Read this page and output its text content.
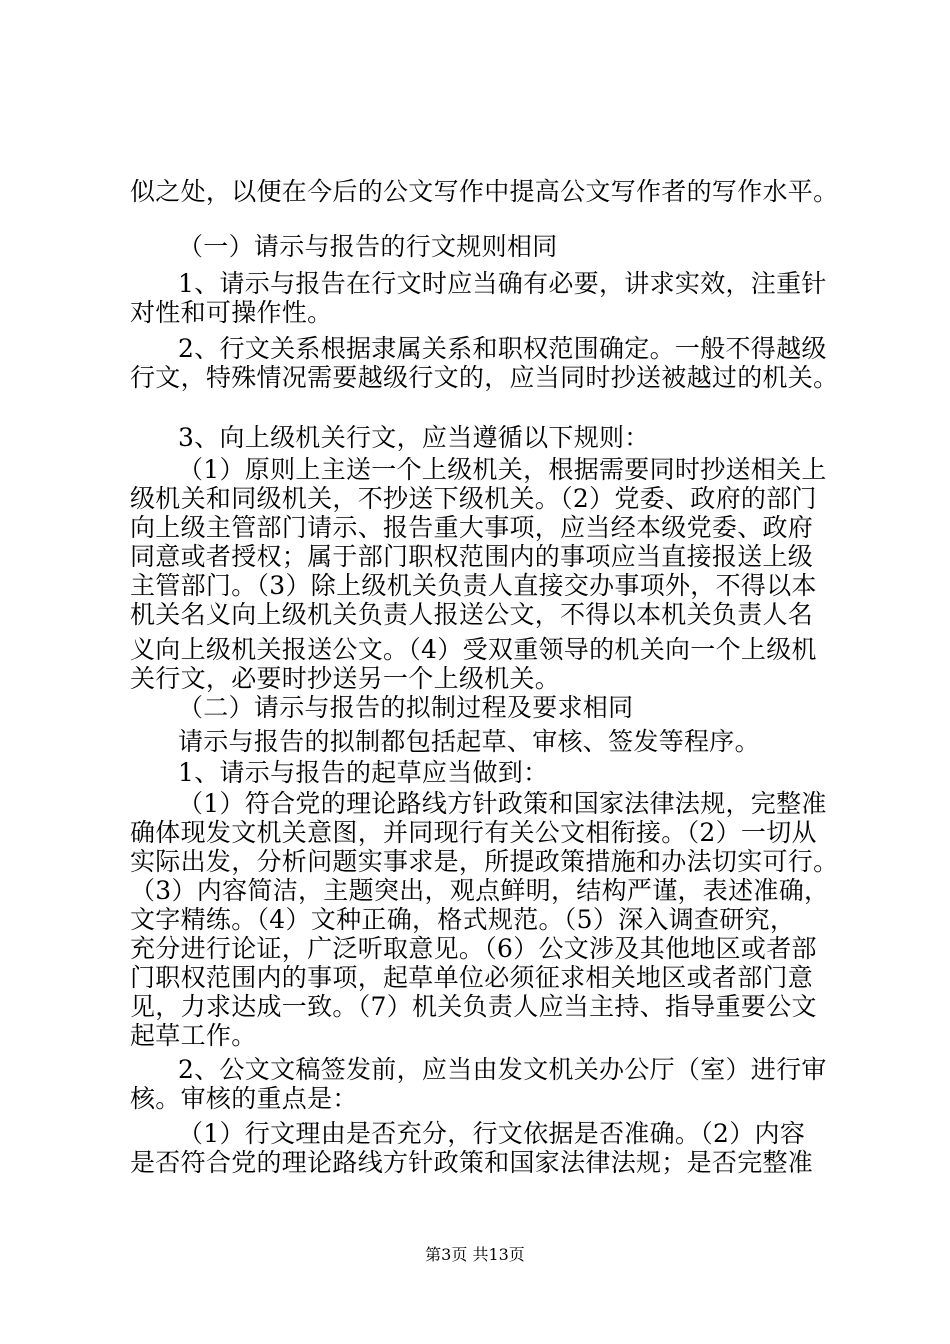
似之处，以便在今后的公文写作中提高公文写作者的写作水平。
（一）请示与报告的行文规则相同
1、请示与报告在行文时应当确有必要，讲求实效，注重针
对性和可操作性。
2、行文关系根据隶属关系和职权范围确定。一般不得越级
行文，特殊情况需要越级行文的，应当同时抄送被越过的机关。
3、向上级机关行文，应当遵循以下规则：
（1）原则上主送一个上级机关，根据需要同时抄送相关上
级机关和同级机关，不抄送下级机关。（2）党委、政府的部门
向上级主管部门请示、报告重大事项，应当经本级党委、政府
同意或者授权；属于部门职权范围内的事项应当直接报送上级
主管部门。（3）除上级机关负责人直接交办事项外，不得以本
机关名义向上级机关负责人报送公文，不得以本机关负责人名
义向上级机关报送公文。（4）受双重领导的机关向一个上级机
关行文，必要时抄送另一个上级机关。
（二）请示与报告的拟制过程及要求相同
请示与报告的拟制都包括起草、审核、签发等程序。
1、请示与报告的起草应当做到：
（1）符合党的理论路线方针政策和国家法律法规，完整准
确体现发文机关意图，并同现行有关公文相衔接。（2）一切从
实际出发，分析问题实事求是，所提政策措施和办法切实可行。
（3）内容简洁，主题突出，观点鲜明，结构严谨，表述准确，
文字精练。（4）文种正确，格式规范。（5）深入调查研究，
充分进行论证，广泛听取意见。（6）公文涉及其他地区或者部
门职权范围内的事项，起草单位必须征求相关地区或者部门意
见，力求达成一致。（7）机关负责人应当主持、指导重要公文
起草工作。
2、公文文稿签发前，应当由发文机关办公厅（室）进行审
核。审核的重点是：
（1）行文理由是否充分，行文依据是否准确。（2）内容
是否符合党的理论路线方针政策和国家法律法规；是否完整准
第3页 共13页
